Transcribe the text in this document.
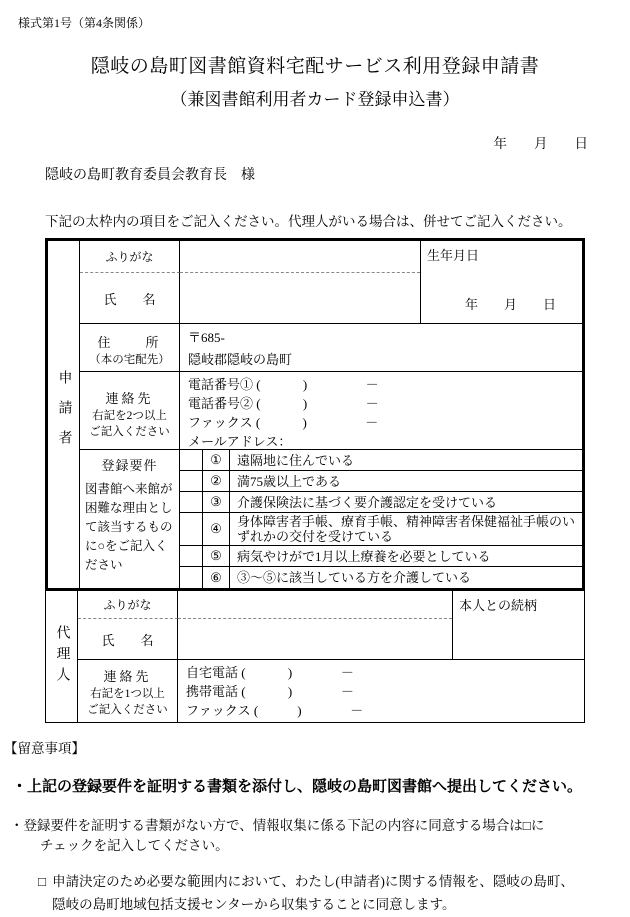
様式第1号（第4条関係）
隠岐の島町図書館資料宅配サービス利用登録申請書
（兼図書館利用者カード登録申込書）
年　　月　　日
隠岐の島町教育委員会教育長　様
下記の太枠内の項目をご記入ください。代理人がいる場合は、併せてご記入ください。
申請者
ふりがな	生年月日
年　　月　　日
氏　　名
住　　所
（本の宅配先）
〒685-
隠岐郡隠岐の島町
連絡先
右記を2つ以上
ご記入ください
電話番号① (             )                  －
電話番号② (             )                  －
ファックス (             )                  －
メールアドレス：
登録要件
図書館へ来館が困難な理由として該当するものに○をご記入ください
①	遠隔地に住んでいる
②	満75歳以上である
③	介護保険法に基づく要介護認定を受けている
④	身体障害者手帳、療育手帳、精神障害者保健福祉手帳のいずれかの交付を受けている
⑤	病気やけがで1月以上療養を必要としている
⑥	③～⑤に該当している方を介護している
代理人
ふりがな	本人との続柄
氏　　名
連絡先
右記を1つ以上
ご記入ください
自宅電話 (             )               －
携帯電話 (             )               －
ファックス (            )               －
【留意事項】
・上記の登録要件を証明する書類を添付し、隠岐の島町図書館へ提出してください。
・登録要件を証明する書類がない方で、情報収集に係る下記の内容に同意する場合は□に
チェックを記入してください。
□ 申請決定のため必要な範囲内において、わたし(申請者)に関する情報を、隠岐の島町、
隠岐の島町地域包括支援センターから収集することに同意します。
